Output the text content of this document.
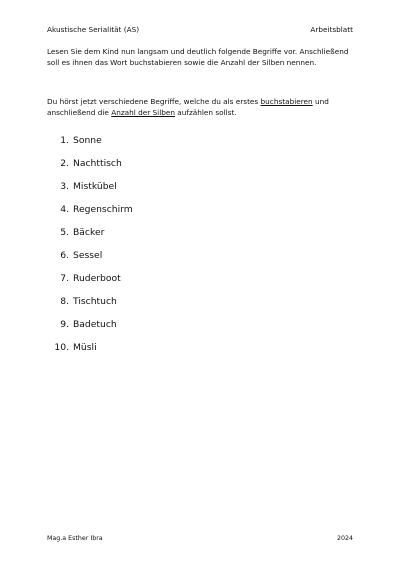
Akustische Serialität (AS)	Arbeitsblatt
Lesen Sie dem Kind nun langsam und deutlich folgende Begriffe vor. Anschließend soll es ihnen das Wort buchstabieren sowie die Anzahl der Silben nennen.
Du hörst jetzt verschiedene Begriffe, welche du als erstes buchstabieren und anschließend die Anzahl der Silben aufzählen sollst.
1. Sonne
2. Nachttisch
3. Mistkübel
4. Regenschirm
5. Bäcker
6. Sessel
7. Ruderboot
8. Tischtuch
9. Badetuch
10. Müsli
Mag.a Esther Ibra	2024
